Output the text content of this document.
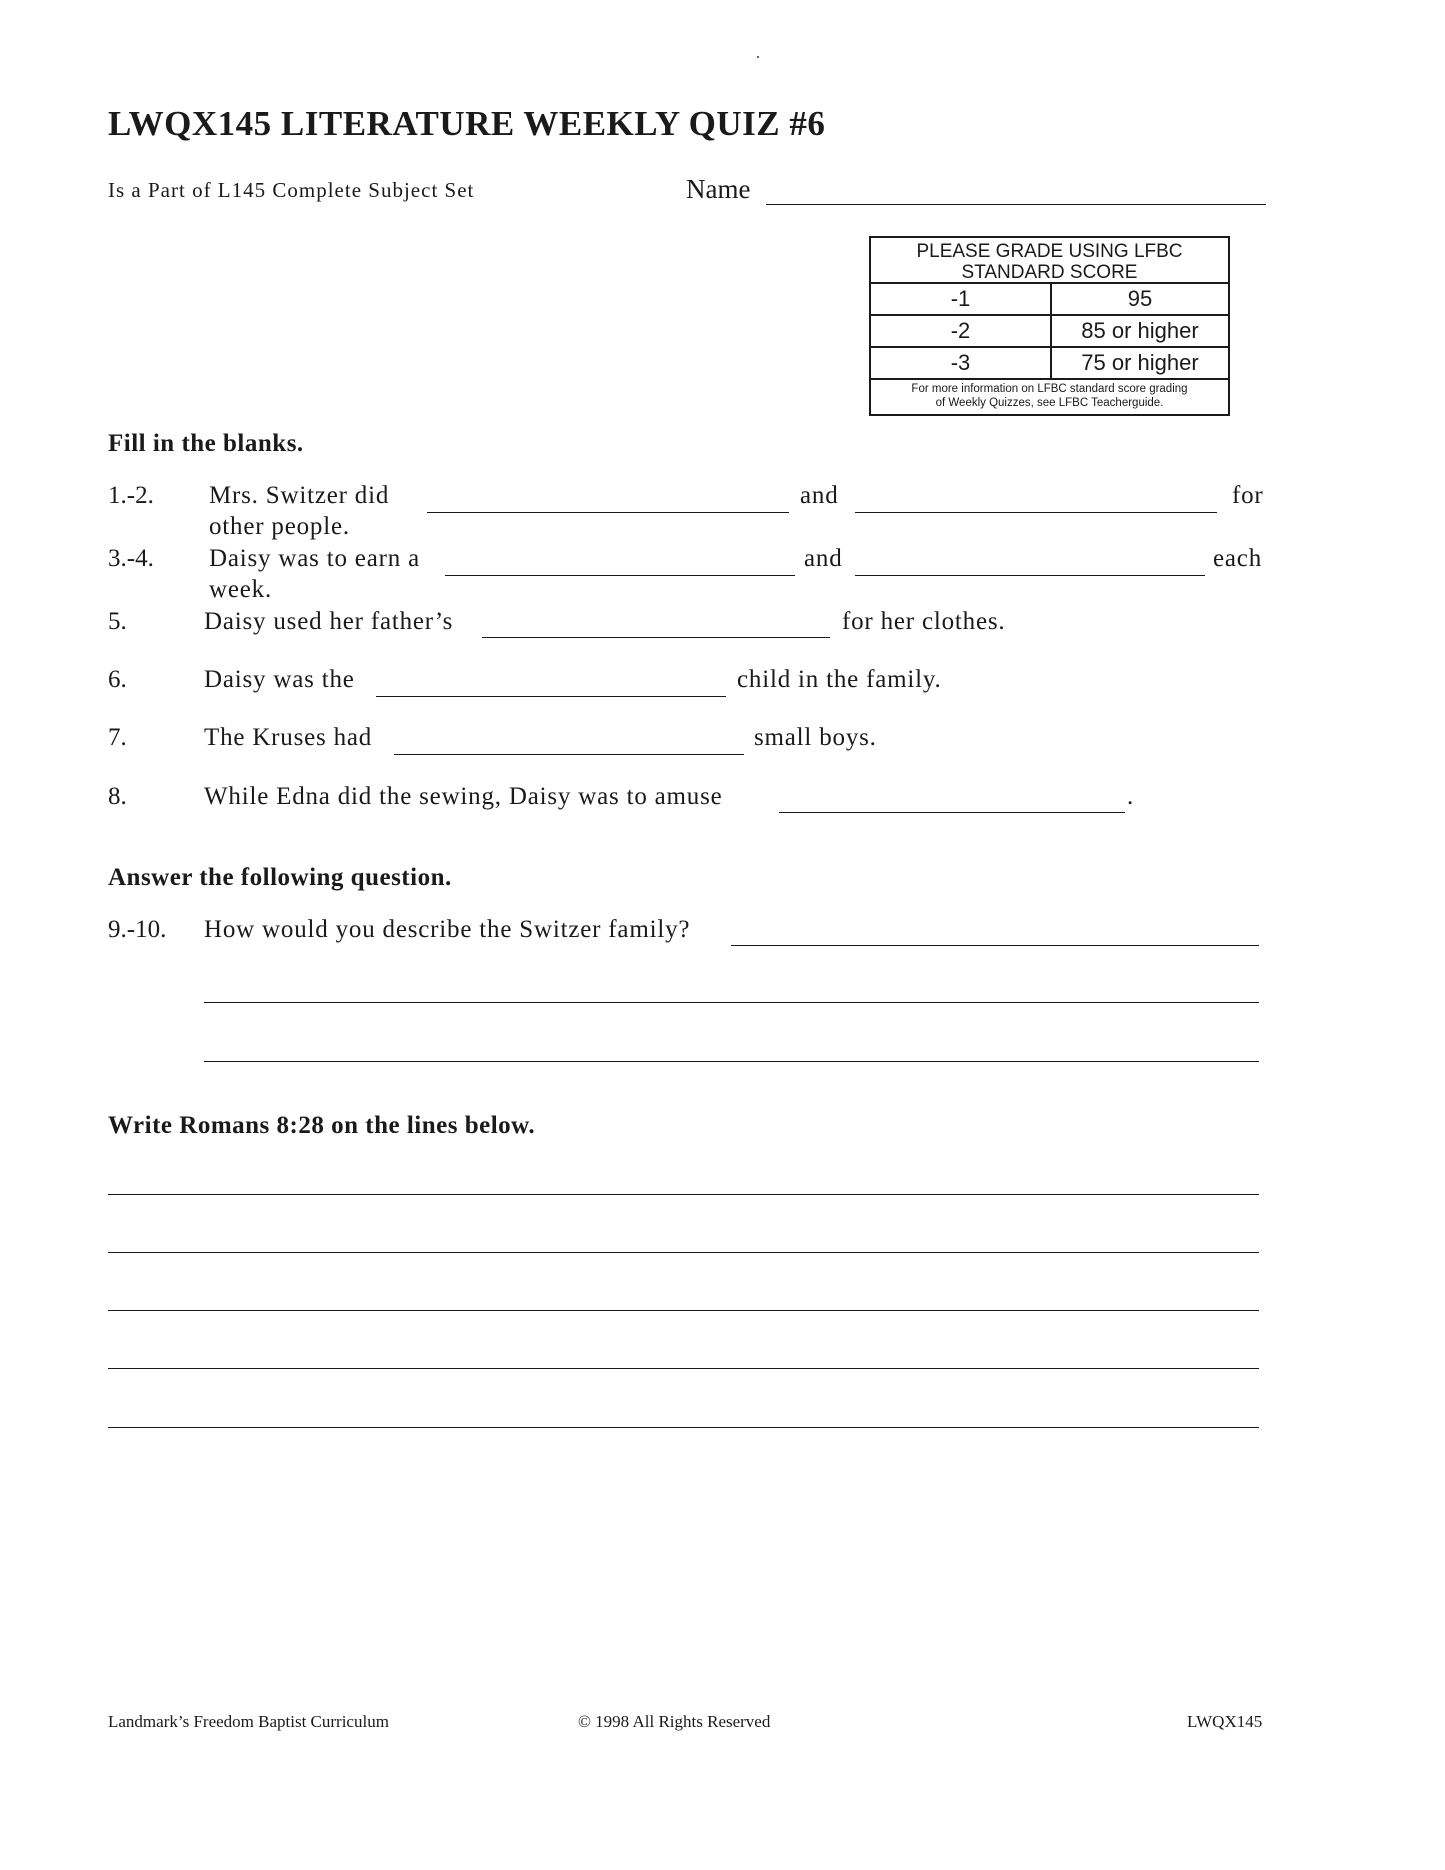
LWQX145 LITERATURE WEEKLY QUIZ #6
Is a Part of L145 Complete Subject Set	Name
PLEASE GRADE USING LFBC
STANDARD SCORE
-1	95
-2	85 or higher
-3	75 or higher
For more information on LFBC standard score grading
of Weekly Quizzes, see LFBC Teacherguide.
Fill in the blanks.
1.-2. Mrs. Switzer did	and	for
other people.
3.-4. Daisy was to earn a	and	each
week.
5.	Daisy used her father’s	for her clothes.
6.	Daisy was the	child in the family.
7.	The Kruses had	small boys.
8.	While Edna did the sewing, Daisy was to amuse	.
Answer the following question.
9.-10. How would you describe the Switzer family?
Write Romans 8:28 on the lines below.
Landmark’s Freedom Baptist Curriculum	© 1998 All Rights Reserved	LWQX145
